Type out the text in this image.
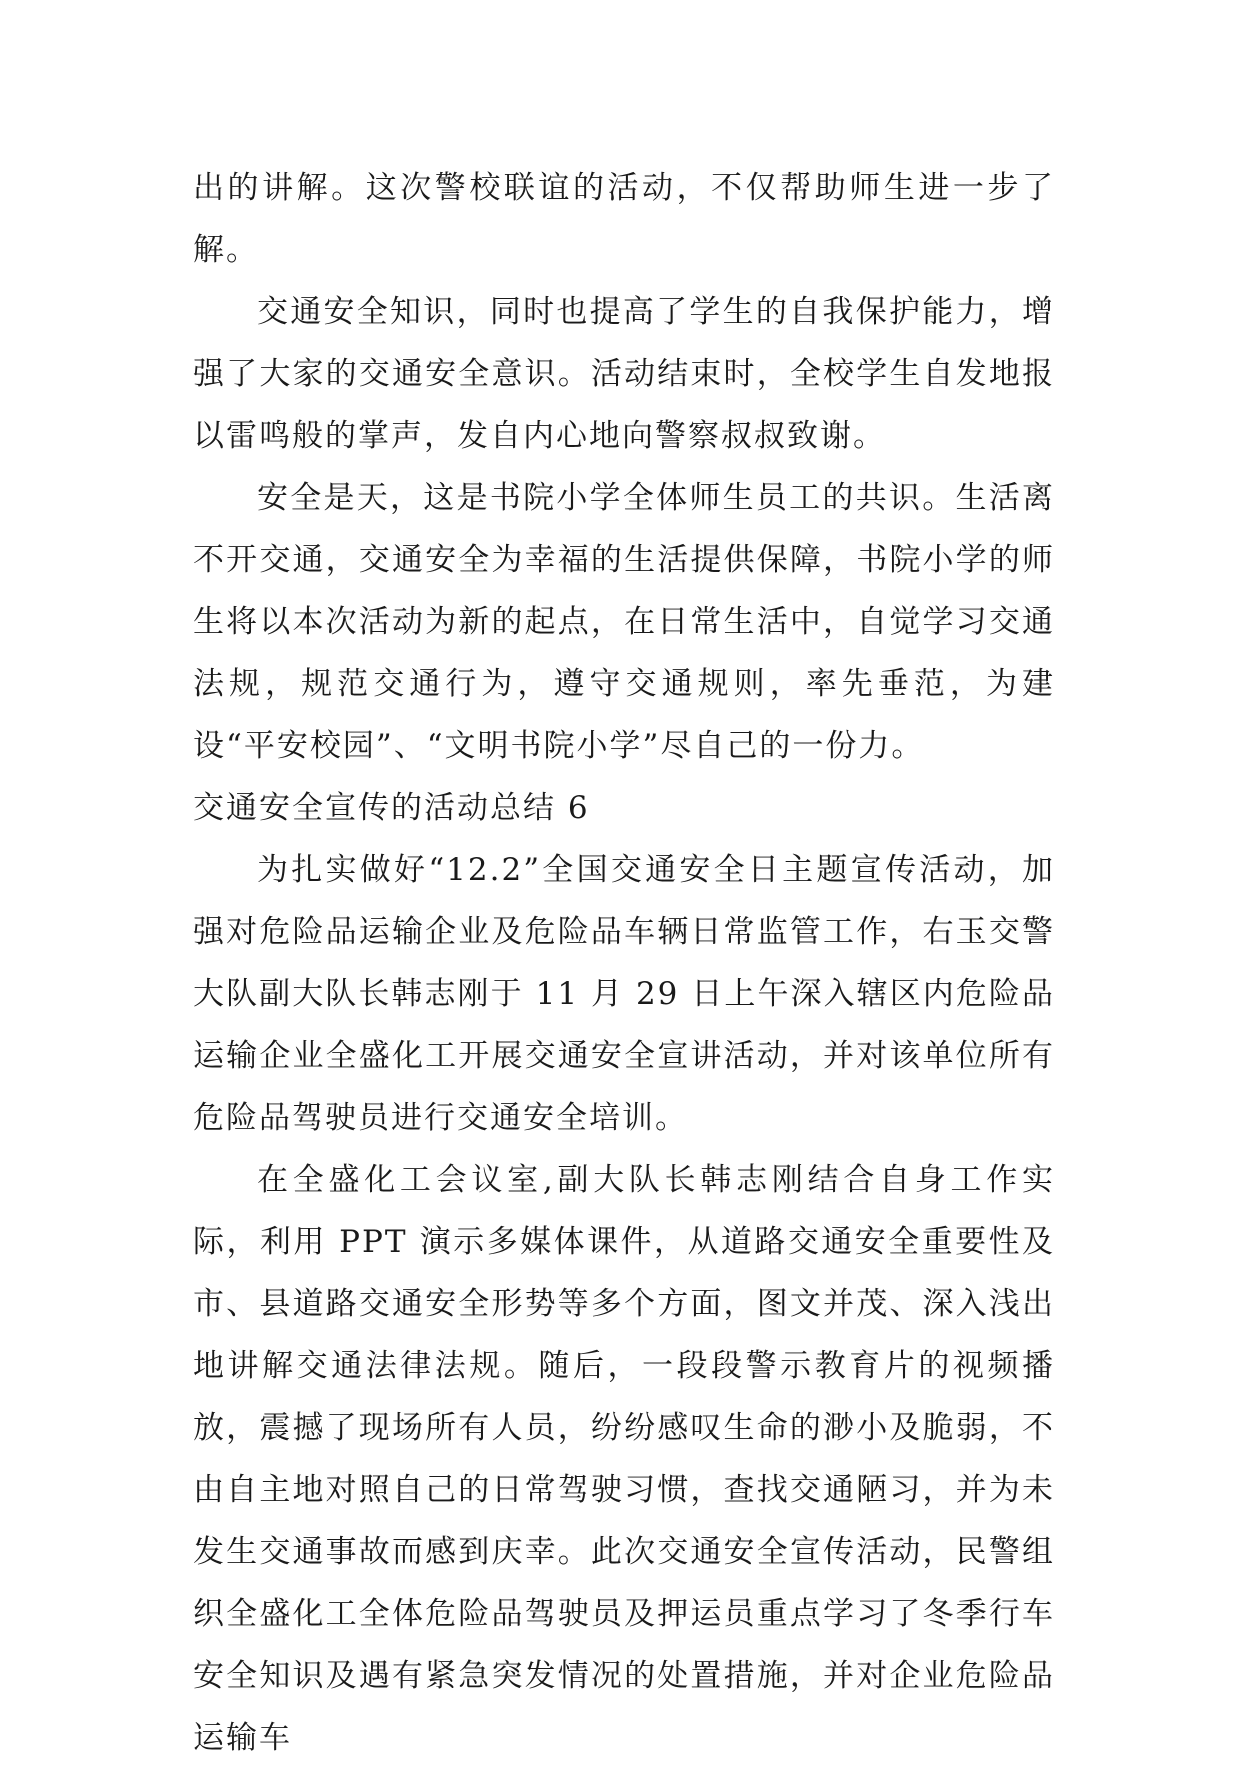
出的讲解。这次警校联谊的活动，不仅帮助师生进一步了解。

交通安全知识，同时也提高了学生的自我保护能力，增强了大家的交通安全意识。活动结束时，全校学生自发地报以雷鸣般的掌声，发自内心地向警察叔叔致谢。

安全是天，这是书院小学全体师生员工的共识。生活离不开交通，交通安全为幸福的生活提供保障，书院小学的师生将以本次活动为新的起点，在日常生活中，自觉学习交通法规，规范交通行为，遵守交通规则，率先垂范，为建设“平安校园”、“文明书院小学”尽自己的一份力。

交通安全宣传的活动总结 6

为扎实做好“12.2”全国交通安全日主题宣传活动，加强对危险品运输企业及危险品车辆日常监管工作，右玉交警大队副大队长韩志刚于 11 月 29 日上午深入辖区内危险品运输企业全盛化工开展交通安全宣讲活动，并对该单位所有危险品驾驶员进行交通安全培训。

在全盛化工会议室,副大队长韩志刚结合自身工作实际，利用 PPT 演示多媒体课件，从道路交通安全重要性及市、县道路交通安全形势等多个方面，图文并茂、深入浅出地讲解交通法律法规。随后，一段段警示教育片的视频播放，震撼了现场所有人员，纷纷感叹生命的渺小及脆弱，不由自主地对照自己的日常驾驶习惯，查找交通陋习，并为未发生交通事故而感到庆幸。此次交通安全宣传活动，民警组织全盛化工全体危险品驾驶员及押运员重点学习了冬季行车安全知识及遇有紧急突发情况的处置措施，并对企业危险品运输车
